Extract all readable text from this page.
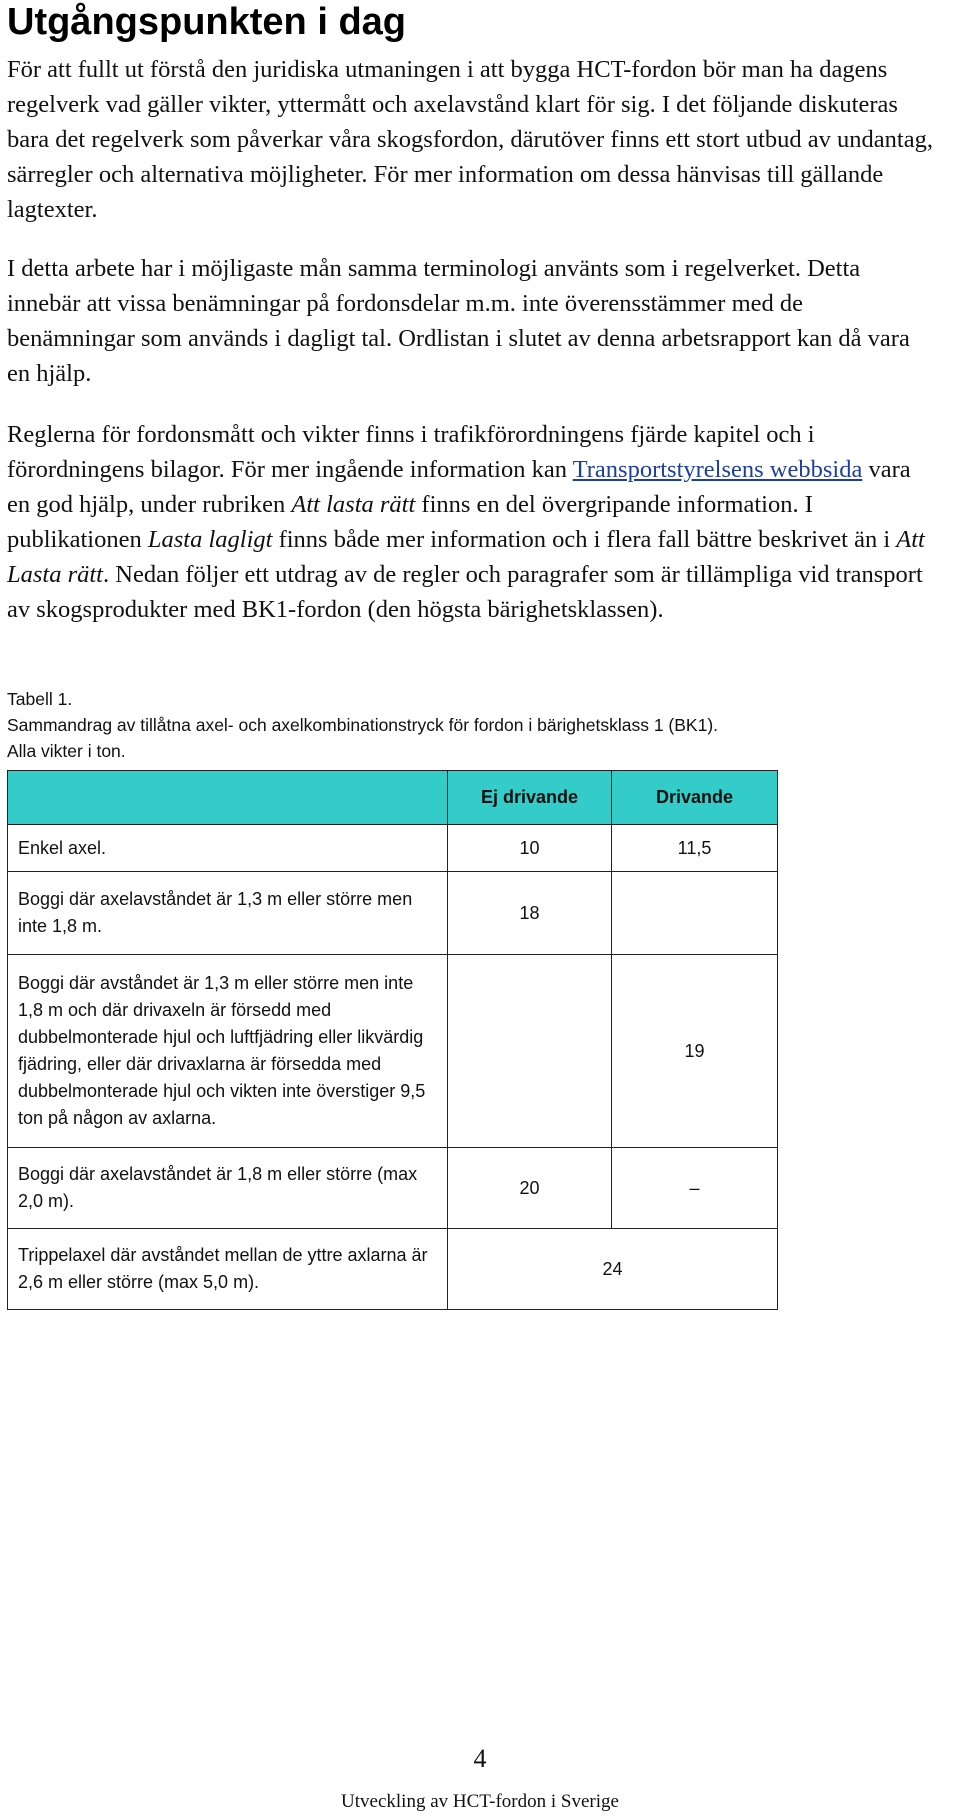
Utgångspunkten i dag

För att fullt ut förstå den juridiska utmaningen i att bygga HCT-fordon bör man ha dagens regelverk vad gäller vikter, yttermått och axelavstånd klart för sig. I det följande diskuteras bara det regelverk som påverkar våra skogsfordon, därutöver finns ett stort utbud av undantag, särregler och alternativa möjligheter. För mer information om dessa hänvisas till gällande lagtexter.

I detta arbete har i möjligaste mån samma terminologi använts som i regelverket. Detta innebär att vissa benämningar på fordonsdelar m.m. inte överensstämmer med de benämningar som används i dagligt tal. Ordlistan i slutet av denna arbetsrapport kan då vara en hjälp.

Reglerna för fordonsmått och vikter finns i trafikförordningens fjärde kapitel och i förordningens bilagor. För mer ingående information kan Transportstyrelsens webbsida vara en god hjälp, under rubriken Att lasta rätt finns en del övergripande information. I publikationen Lasta lagligt finns både mer information och i flera fall bättre beskrivet än i Att Lasta rätt. Nedan följer ett utdrag av de regler och paragrafer som är tillämpliga vid transport av skogsprodukter med BK1-fordon (den högsta bärighetsklassen).

Tabell 1.
Sammandrag av tillåtna axel- och axelkombinationstryck för fordon i bärighetsklass 1 (BK1).
Alla vikter i ton.
	Ej drivande	Drivande
Enkel axel.	10	11,5
Boggi där axelavståndet är 1,3 m eller större men inte 1,8 m.	18	
Boggi där avståndet är 1,3 m eller större men inte 1,8 m och där drivaxeln är försedd med dubbelmonterade hjul och luftfjädring eller likvärdig fjädring, eller där drivaxlarna är försedda med dubbelmonterade hjul och vikten inte överstiger 9,5 ton på någon av axlarna.		19
Boggi där axelavståndet är 1,8 m eller större (max 2,0 m).	20	–
Trippelaxel där avståndet mellan de yttre axlarna är 2,6 m eller större (max 5,0 m).	24	

4

Utveckling av HCT-fordon i Sverige
